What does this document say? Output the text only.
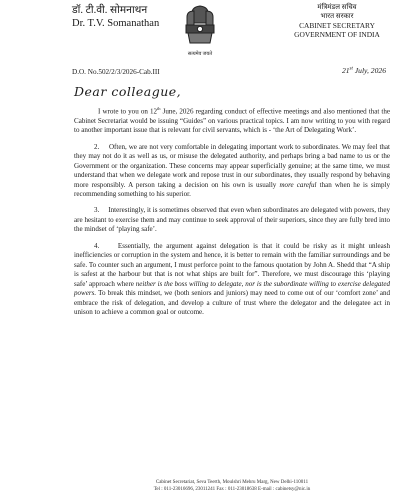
डॉ. टी.वी. सोमनाथन
Dr. T.V. Somanathan
सत्यमेव जयते
मंत्रिमंडल सचिव
भारत सरकार
CABINET SECRETARY
GOVERNMENT OF INDIA
D.O. No.502/2/3/2026-Cab.III	21st July, 2026
Dear colleague,

I wrote to you on 12th June, 2026 regarding conduct of effective meetings and also mentioned that the Cabinet Secretariat would be issuing “Guides” on various practical topics. I am now writing to you with regard to another important issue that is relevant for civil servants, which is - ‘the Art of Delegating Work’.

2. Often, we are not very comfortable in delegating important work to subordinates. We may feel that they may not do it as well as us, or misuse the delegated authority, and perhaps bring a bad name to us or the Government or the organization. These concerns may appear superficially genuine; at the same time, we must understand that when we delegate work and repose trust in our subordinates, they usually respond by behaving more responsibly. A person taking a decision on his own is usually more careful than when he is simply recommending something to his superior.

3. Interestingly, it is sometimes observed that even when subordinates are delegated with powers, they are hesitant to exercise them and may continue to seek approval of their superiors, since they are fully bred into the mindset of ‘playing safe’.

4.	Essentially, the argument against delegation is that it could be risky as it might unleash inefficiencies or corruption in the system and hence, it is better to remain with the familiar surroundings and be safe. To counter such an argument, I must perforce point to the famous quotation by John A. Shedd that “A ship is safest at the harbour but that is not what ships are built for”. Therefore, we must discourage this ‘playing safe’ approach where neither is the boss willing to delegate, nor is the subordinate willing to exercise delegated powers. To break this mindset, we (both seniors and juniors) may need to come out of our ‘comfort zone’ and embrace the risk of delegation, and develop a culture of trust where the delegator and the delegatee act in unison to achieve a common goal or outcome.

Cabinet Secretariat, Seva Teerth, Moulshri Mehru Marg, New Delhi-110011
Tel : 011-23016696, 23011241 Fax : 011-23018638 E-mail : cabinetsy@nic.in
